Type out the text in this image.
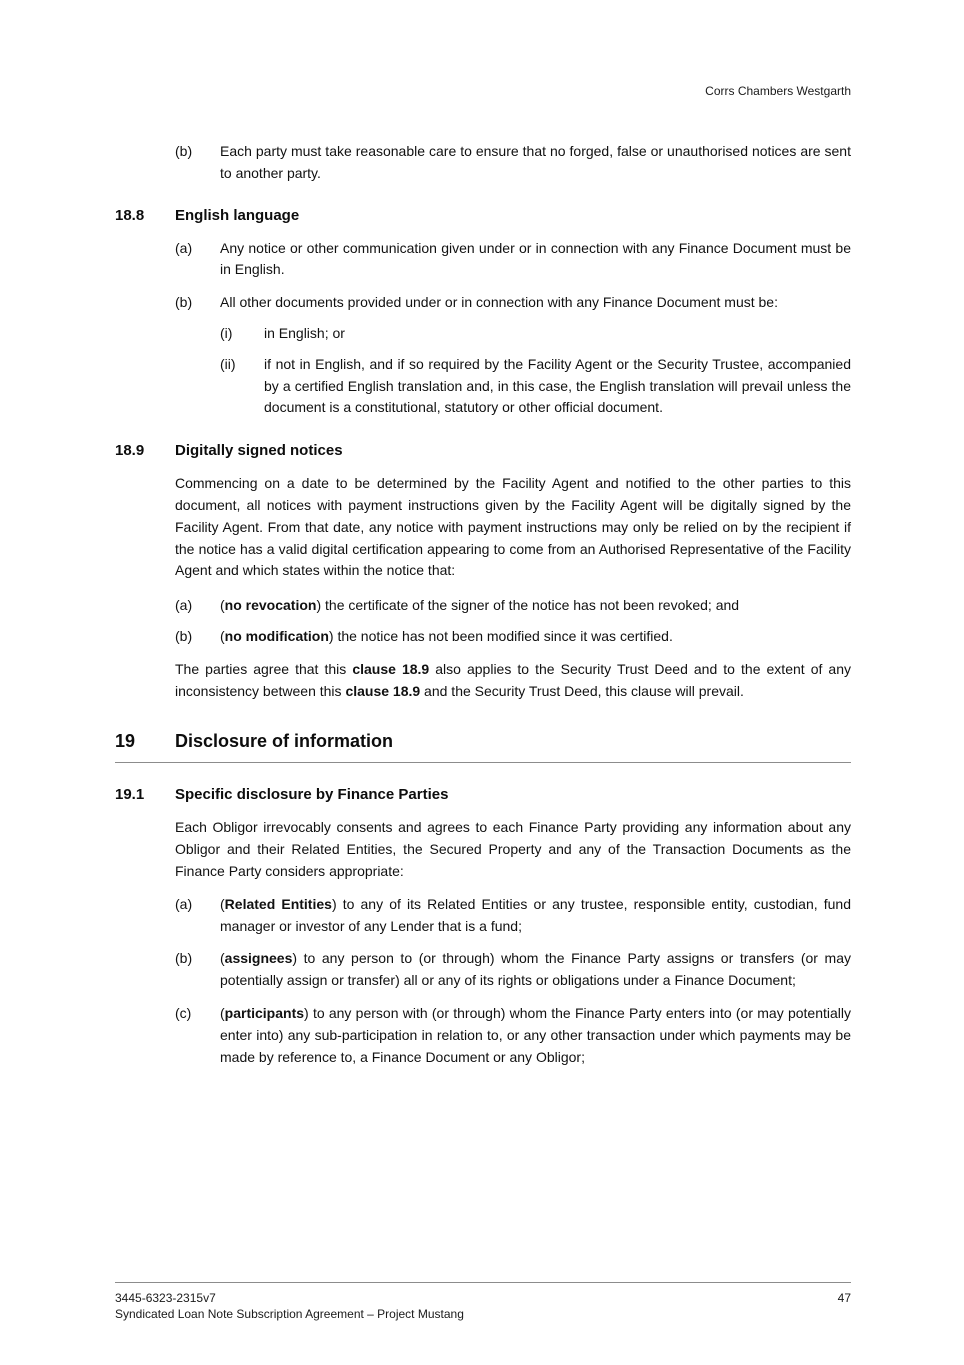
Corrs Chambers Westgarth
(b)	Each party must take reasonable care to ensure that no forged, false or unauthorised notices are sent to another party.
18.8	English language
(a)	Any notice or other communication given under or in connection with any Finance Document must be in English.
(b)	All other documents provided under or in connection with any Finance Document must be:
(i)	in English; or
(ii)	if not in English, and if so required by the Facility Agent or the Security Trustee, accompanied by a certified English translation and, in this case, the English translation will prevail unless the document is a constitutional, statutory or other official document.
18.9	Digitally signed notices

Commencing on a date to be determined by the Facility Agent and notified to the other parties to this document, all notices with payment instructions given by the Facility Agent will be digitally signed by the Facility Agent. From that date, any notice with payment instructions may only be relied on by the recipient if the notice has a valid digital certification appearing to come from an Authorised Representative of the Facility Agent and which states within the notice that:

(a)	(no revocation) the certificate of the signer of the notice has not been revoked; and
(b)	(no modification) the notice has not been modified since it was certified.

The parties agree that this clause 18.9 also applies to the Security Trust Deed and to the extent of any inconsistency between this clause 18.9 and the Security Trust Deed, this clause will prevail.

19	Disclosure of information
19.1	Specific disclosure by Finance Parties

Each Obligor irrevocably consents and agrees to each Finance Party providing any information about any Obligor and their Related Entities, the Secured Property and any of the Transaction Documents as the Finance Party considers appropriate:

(a)	(Related Entities) to any of its Related Entities or any trustee, responsible entity, custodian, fund manager or investor of any Lender that is a fund;
(b)	(assignees) to any person to (or through) whom the Finance Party assigns or transfers (or may potentially assign or transfer) all or any of its rights or obligations under a Finance Document;
(c)	(participants) to any person with (or through) whom the Finance Party enters into (or may potentially enter into) any sub-participation in relation to, or any other transaction under which payments may be made by reference to, a Finance Document or any Obligor;
3445-6323-2315v7	47
Syndicated Loan Note Subscription Agreement – Project Mustang
